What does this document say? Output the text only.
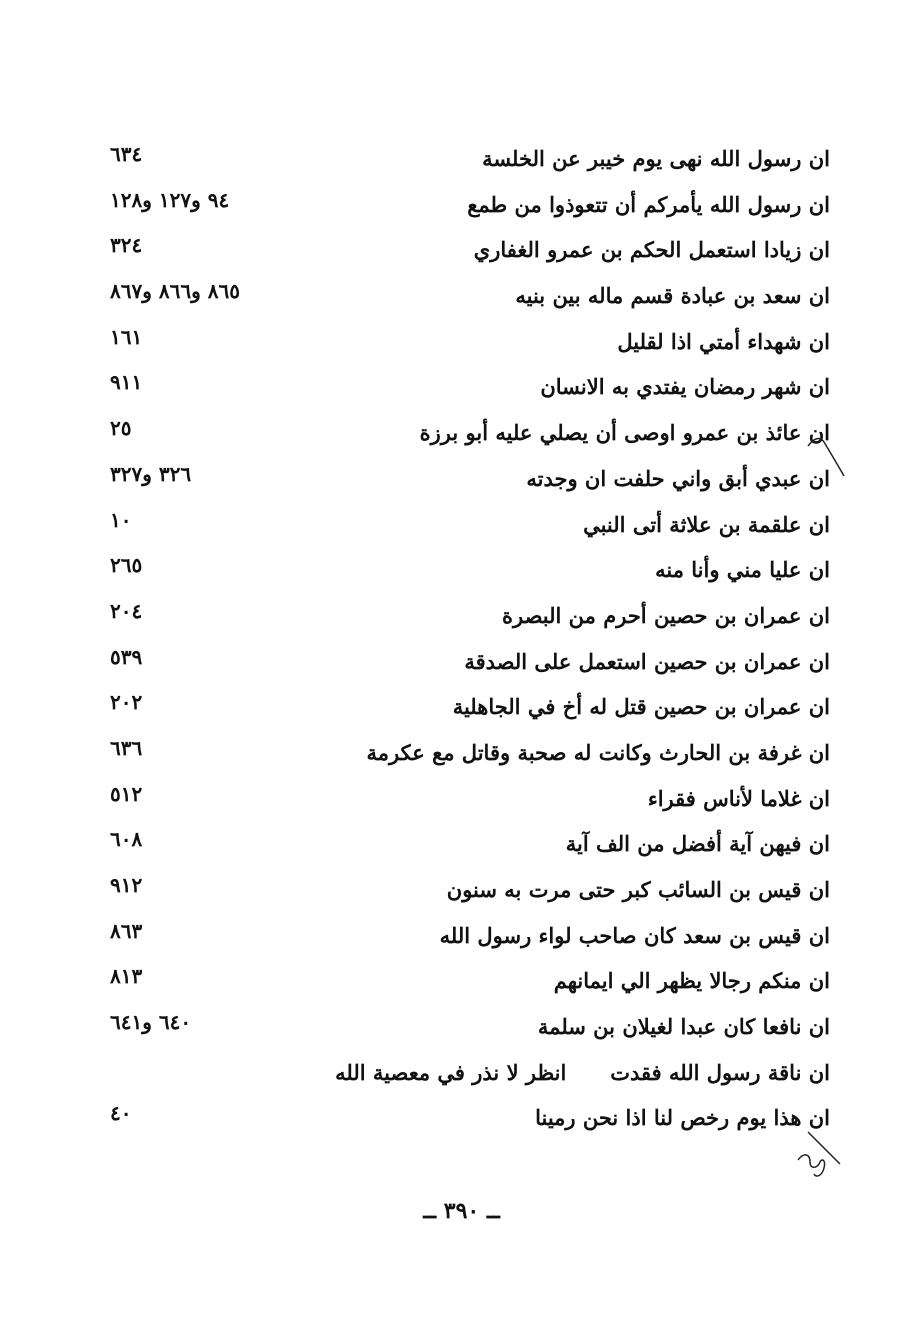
ان رسول الله نهى يوم خيبر عن الخلسة
٦٣٤
ان رسول الله يأمركم أن تتعوذوا من طمع
٩٤ و١٢٧ و١٢٨
ان زيادا استعمل الحكم بن عمرو الغفاري
٣٢٤
ان سعد بن عبادة قسم ماله بين بنيه
٨٦٥ و٨٦٦ و٨٦٧
ان شهداء أمتي اذا لقليل
١٦١
ان شهر رمضان يفتدي به الانسان
٩١١
ان عائذ بن عمرو اوصى أن يصلي عليه أبو برزة
٢٥
ان عبدي أبق واني حلفت ان وجدته
٣٢٦ و٣٢٧
ان علقمة بن علاثة أتى النبي
١٠
ان عليا مني وأنا منه
٢٦٥
ان عمران بن حصين أحرم من البصرة
٢٠٤
ان عمران بن حصين استعمل على الصدقة
٥٣٩
ان عمران بن حصين قتل له أخ في الجاهلية
٢٠٢
ان غرفة بن الحارث وكانت له صحبة وقاتل مع عكرمة
٦٣٦
ان غلاما لأناس فقراء
٥١٢
ان فيهن آية أفضل من الف آية
٦٠٨
ان قيس بن السائب كبر حتى مرت به سنون
٩١٢
ان قيس بن سعد كان صاحب لواء رسول الله
٨٦٣
ان منكم رجالا يظهر الي ايمانهم
٨١٣
ان نافعا كان عبدا لغيلان بن سلمة
٦٤٠ و٦٤١
ان ناقة رسول الله فقدت      انظر لا نذر في معصية الله
ان هذا يوم رخص لنا اذا نحن رمينا
٤٠
ــ ٣٩٠ ــ
